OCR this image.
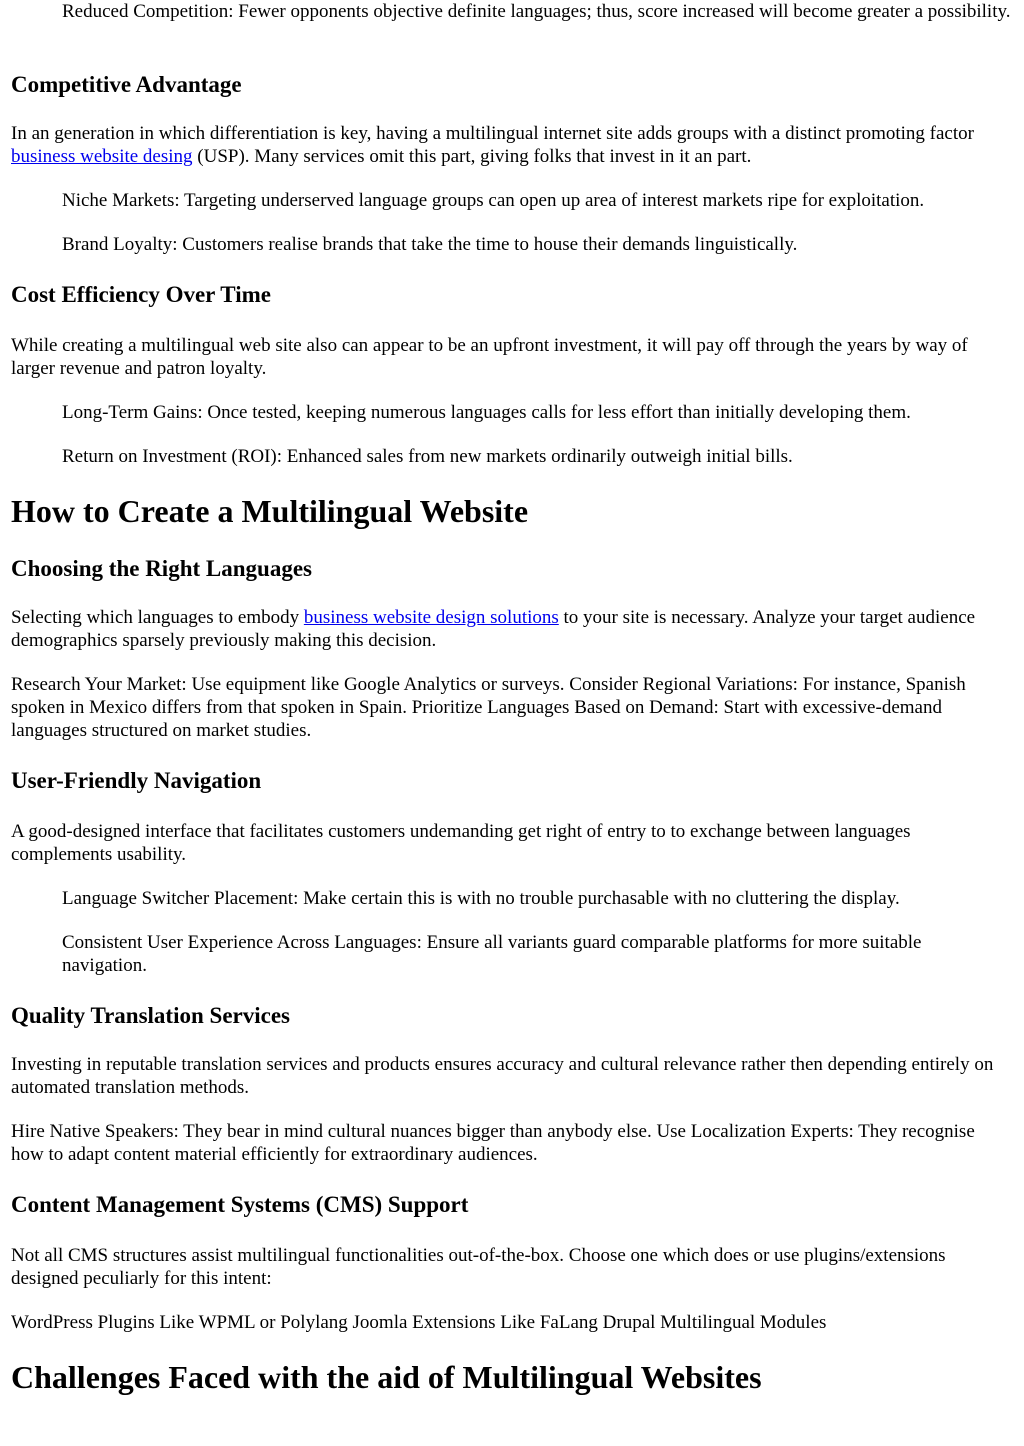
Reduced Competition: Fewer opponents objective definite languages; thus, score increased will become greater a possibility.

Competitive Advantage

In an generation in which differentiation is key, having a multilingual internet site adds groups with a distinct promoting factor business website desing (USP). Many services omit this part, giving folks that invest in it an part.

Niche Markets: Targeting underserved language groups can open up area of interest markets ripe for exploitation.

Brand Loyalty: Customers realise brands that take the time to house their demands linguistically.

Cost Efficiency Over Time

While creating a multilingual web site also can appear to be an upfront investment, it will pay off through the years by way of larger revenue and patron loyalty.

Long-Term Gains: Once tested, keeping numerous languages calls for less effort than initially developing them.

Return on Investment (ROI): Enhanced sales from new markets ordinarily outweigh initial bills.

How to Create a Multilingual Website
Choosing the Right Languages

Selecting which languages to embody business website design solutions to your site is necessary. Analyze your target audience demographics sparsely previously making this decision.

Research Your Market: Use equipment like Google Analytics or surveys. Consider Regional Variations: For instance, Spanish spoken in Mexico differs from that spoken in Spain. Prioritize Languages Based on Demand: Start with excessive-demand languages structured on market studies.

User-Friendly Navigation

A good-designed interface that facilitates customers undemanding get right of entry to to exchange between languages complements usability.

Language Switcher Placement: Make certain this is with no trouble purchasable with no cluttering the display.

Consistent User Experience Across Languages: Ensure all variants guard comparable platforms for more suitable navigation.

Quality Translation Services

Investing in reputable translation services and products ensures accuracy and cultural relevance rather then depending entirely on automated translation methods.

Hire Native Speakers: They bear in mind cultural nuances bigger than anybody else. Use Localization Experts: They recognise how to adapt content material efficiently for extraordinary audiences.

Content Management Systems (CMS) Support

Not all CMS structures assist multilingual functionalities out-of-the-box. Choose one which does or use plugins/extensions designed peculiarly for this intent:

WordPress Plugins Like WPML or Polylang Joomla Extensions Like FaLang Drupal Multilingual Modules

Challenges Faced with the aid of Multilingual Websites
